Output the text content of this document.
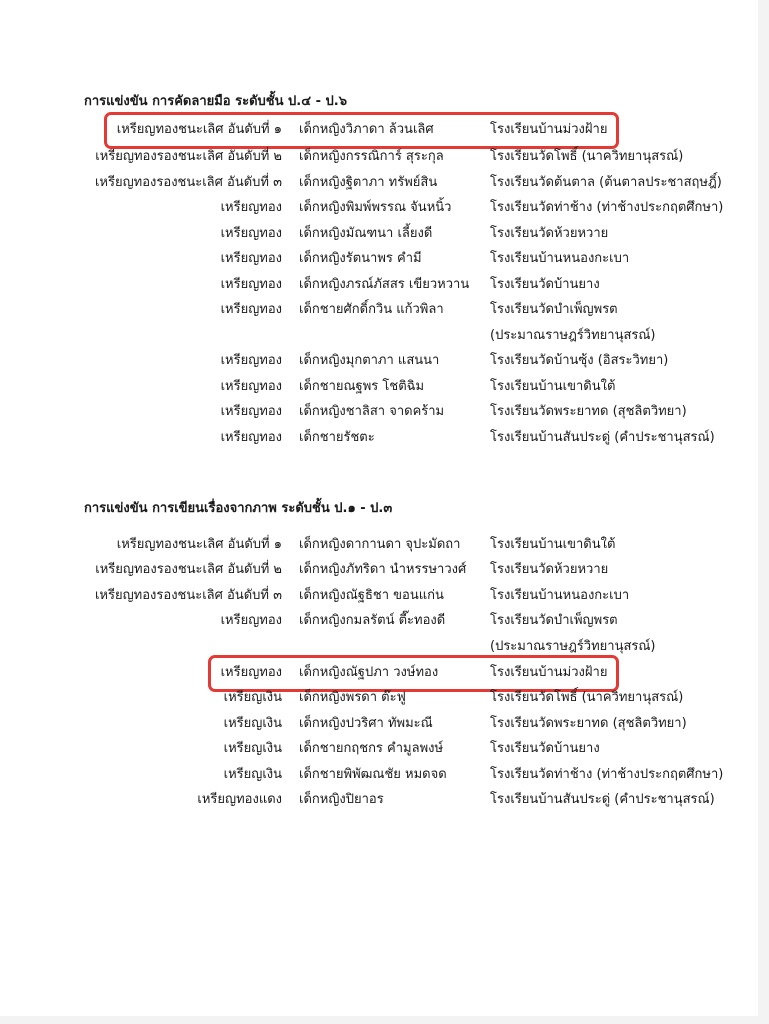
การแข่งขัน การคัดลายมือ ระดับชั้น ป.๔ - ป.๖
เหรียญทองชนะเลิศ อันดับที่ ๑ เด็กหญิงวิภาดา ล้วนเลิศ	โรงเรียนบ้านม่วงฝ้าย
เหรียญทองรองชนะเลิศ อันดับที่ ๒ เด็กหญิงกรรณิการ์ สุระกุล	โรงเรียนวัดโพธิ์ (นาควิทยานุสรณ์)
เหรียญทองรองชนะเลิศ อันดับที่ ๓ เด็กหญิงฐิตาภา ทรัพย์สิน	โรงเรียนวัดต้นตาล (ต้นตาลประชาสฤษฎิ์)
เหรียญทอง เด็กหญิงพิมพ์พรรณ จันหนิ้ว	โรงเรียนวัดท่าช้าง (ท่าช้างประกฤตศึกษา)
เหรียญทอง เด็กหญิงมัณฑนา เลี้ยงดี	โรงเรียนวัดห้วยหวาย
เหรียญทอง เด็กหญิงรัตนาพร คำมี	โรงเรียนบ้านหนองกะเบา
เหรียญทอง เด็กหญิงภรณ์ภัสสร เขียวหวาน โรงเรียนวัดบ้านยาง
เหรียญทอง เด็กชายศักดิ์กวิน แก้วพิลา	โรงเรียนวัดบำเพ็ญพรต
(ประมาณราษฎร์วิทยานุสรณ์)
เหรียญทอง เด็กหญิงมุกตาภา แสนนา	โรงเรียนวัดบ้านซุ้ง (อิสระวิทยา)
เหรียญทอง เด็กชายณฐพร โชติฉิม	โรงเรียนบ้านเขาดินใต้
เหรียญทอง เด็กหญิงชาลิสา จาดคร้าม	โรงเรียนวัดพระยาทด (สุชลิตวิทยา)
เหรียญทอง เด็กชายรัชตะ	โรงเรียนบ้านสันประดู่ (คำประชานุสรณ์)
การแข่งขัน การเขียนเรื่องจากภาพ ระดับชั้น ป.๑ - ป.๓
เหรียญทองชนะเลิศ อันดับที่ ๑ เด็กหญิงดากานดา จุปะมัดถา โรงเรียนบ้านเขาดินใต้
เหรียญทองรองชนะเลิศ อันดับที่ ๒ เด็กหญิงภัทริดา นำหรรษาวงศ์ โรงเรียนวัดห้วยหวาย
เหรียญทองรองชนะเลิศ อันดับที่ ๓ เด็กหญิงณัฐธิชา ขอนแก่น	โรงเรียนบ้านหนองกะเบา
เหรียญทอง เด็กหญิงกมลรัตน์ ตี๊ะทองดี	โรงเรียนวัดบำเพ็ญพรต
(ประมาณราษฎร์วิทยานุสรณ์)
เหรียญทอง เด็กหญิงณัฐปภา วงษ์ทอง	โรงเรียนบ้านม่วงฝ้าย
เหรียญเงิน เด็กหญิงพรดา ต๊ะฟู	โรงเรียนวัดโพธิ์ (นาควิทยานุสรณ์)
เหรียญเงิน เด็กหญิงปวริศา ทัพมะณี	โรงเรียนวัดพระยาทด (สุชลิตวิทยา)
เหรียญเงิน เด็กชายกฤชกร คำมูลพงษ์	โรงเรียนวัดบ้านยาง
เหรียญเงิน เด็กชายพิพัฒณชัย หมดจด	โรงเรียนวัดท่าช้าง (ท่าช้างประกฤตศึกษา)
เหรียญทองแดง เด็กหญิงปิยาอร	โรงเรียนบ้านสันประดู่ (คำประชานุสรณ์)
